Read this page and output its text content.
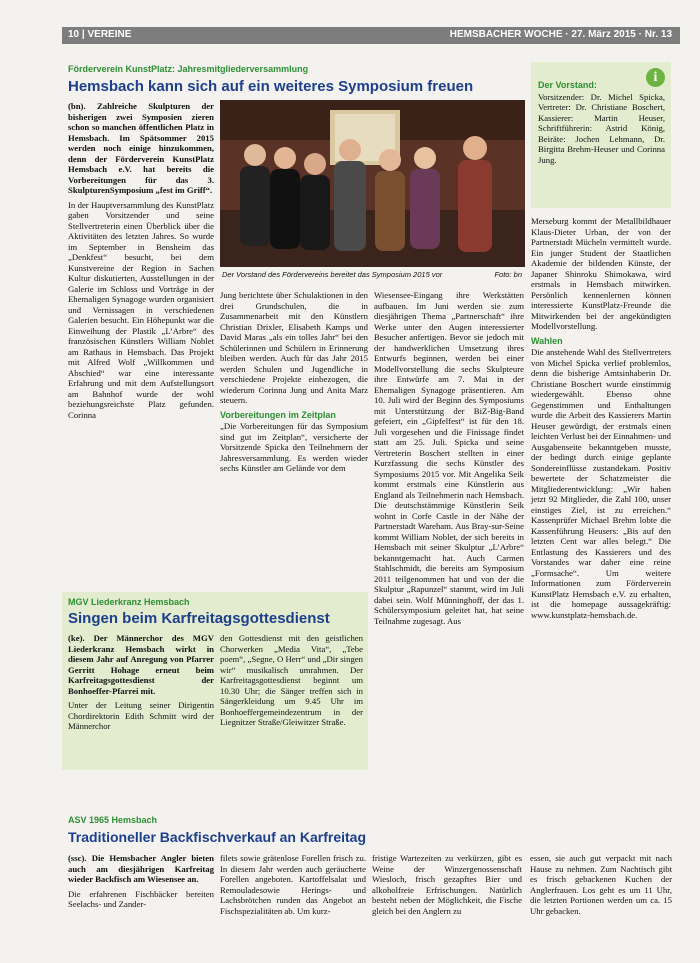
10 | VEREINE	HEMSBACHER WOCHE · 27. März 2015 · Nr. 13
Förderverein KunstPlatz: Jahresmitgliederversammlung
Hemsbach kann sich auf ein weiteres Symposium freuen

(bn). Zahlreiche Skulpturen der bisherigen zwei Symposien zieren schon so manchen öffentlichen Platz in Hemsbach. Im Spätsommer 2015 werden noch einige hinzukommen, denn der Förderverein KunstPlatz Hemsbach e.V. hat bereits die Vorbereitungen für das 3. SkulpturenSymposium „fest im Griff“.

In der Hauptversammlung des KunstPlatz gaben Vorsitzender und seine Stellvertreterin einen Überblick über die Aktivitäten des letzten Jahres. So wurde im September in Bensheim das „Denkfest“ besucht, bei dem Kunstvereine der Region in Sachen Kultur diskutierten, Ausstellungen in der Galerie im Schloss und Vorträge in der Ehemaligen Synagoge wurden organisiert und Vernissagen in verschiedenen Galerien besucht. Ein Höhepunkt war die Einweihung der Plastik „L’Arbre“ des französischen Künstlers William Noblet am Rathaus in Hemsbach. Das Projekt mit Alfred Wolf „Willkommen und Abschied“ war eine interessante Erfahrung und mit dem Aufstellungsort am Bahnhof wurde der wohl beziehungsreichste Platz gefunden. Corinna

Der Vorstand des Fördervereins bereitet das Symposium 2015 vor	Foto: bn

Jung berichtete über Schulaktionen in den drei Grundschulen, die in Zusammenarbeit mit den Künstlern Christian Drixler, Elisabeth Kamps und David Maras „als ein tolles Jahr“ bei den Schülerinnen und Schülern in Erinnerung bleiben werden. Auch für das Jahr 2015 werden Schulen und Jugendliche in verschiedene Projekte einbezogen, die wiederum Corinna Jung und Anita Marz steuern.

Vorbereitungen im Zeitplan

„Die Vorbereitungen für das Symposium sind gut im Zeitplan“, versicherte der Vorsitzende Spicka den Teilnehmern der Jahresversammlung. Es werden wieder sechs Künstler am Gelände vor dem

Wiesensee-Eingang ihre Werkstätten aufbauen. Im Juni werden sie zum diesjährigen Thema „Partnerschaft“ ihre Werke unter den Augen interessierter Besucher anfertigen. Bevor sie jedoch mit der handwerklichen Umsetzung ihres Entwurfs beginnen, werden bei einer Modellvorstellung die sechs Skulpteure ihre Entwürfe am 7. Mai in der Ehemaligen Synagoge präsentieren. Am 10. Juli wird der Beginn des Symposiums mit Unterstützung der BiZ-Big-Band gefeiert, ein „Gipfelfest“ ist für den 18. Juli vorgesehen und die Finissage findet statt am 25. Juli. Spicka und seine Vertreterin Boschert stellten in einer Kurzfassung die sechs Künstler des Symposiums 2015 vor. Mit Angelika Seik kommt erstmals eine Künstlerin aus England als Teilnehmerin nach Hemsbach. Die deutschstämmige Künstlerin Seik wohnt in Corfe Castle in der Nähe der Partnerstadt Wareham. Aus Bray-sur-Seine kommt William Noblet, der sich bereits in Hemsbach mit seiner Skulptur „L’Arbre“ bekanntgemacht hat. Auch Carmen Stahlschmidt, die bereits am Symposium 2011 teilgenommen hat und von der die Skulptur „Rapunzel“ stammt, wird im Juli dabei sein. Wolf Münninghoff, der das 1. Schülersymposium geleitet hat, hat seine Teilnahme zugesagt. Aus

i
Der Vorstand:

Vorsitzender: Dr. Michel Spicka, Vertreter: Dr. Christiane Boschert, Kassierer: Martin Heuser, Schriftführerin: Astrid König, Beiräte: Jochen Lehmann, Dr. Birgitta Brehm-Heuser und Corinna Jung.

Merseburg kommt der Metallbildhauer Klaus-Dieter Urban, der von der Partnerstadt Mücheln vermittelt wurde. Ein junger Student der Staatlichen Akademie der bildenden Künste, der Japaner Shinroku Shimokawa, wird erstmals in Hemsbach mitwirken. Persönlich kennenlernen können interessierte KunstPlatz-Freunde die Mitwirkenden bei der angekündigten Modellvorstellung.

Wahlen

Die anstehende Wahl des Stellvertreters von Michel Spicka verlief problemlos, denn die bisherige Amtsinhaberin Dr. Christiane Boschert wurde einstimmig wiedergewählt. Ebenso ohne Gegenstimmen und Enthaltungen wurde die Arbeit des Kassierers Martin Heuser gewürdigt, der erstmals einen leichten Verlust bei der Einnahmen- und Ausgabenseite bekanntgeben musste, der bedingt durch einige geplante Sondereinflüsse zustandekam. Positiv bewertete der Schatzmeister die Mitgliederentwicklung: „Wir haben jetzt 92 Mitglieder, die Zahl 100, unser einstiges Ziel, ist zu erreichen.“ Kassenprüfer Michael Brehm lobte die Kassenführung Heusers: „Bis auf den letzten Cent war alles belegt.“ Die Entlastung des Kassierers und des Vorstandes war daher eine reine „Formsache“. Um weitere Informationen zum Förderverein KunstPlatz Hemsbach e.V. zu erhalten, ist die homepage aussagekräftig: www.kunstplatz-hemsbach.de.

MGV Liederkranz Hemsbach
Singen beim Karfreitagsgottesdienst

(ke). Der Männerchor des MGV Liederkranz Hemsbach wirkt in diesem Jahr auf Anregung von Pfarrer Gerritt Hohage erneut beim Karfreitagsgottesdienst der Bonhoeffer-Pfarrei mit.

Unter der Leitung seiner Dirigentin Chordirektorin Edith Schmitt wird der Männerchor

den Gottesdienst mit den geistlichen Chorwerken „Media Vita“, „Tebe poem“, „Segne, O Herr“ und „Dir singen wir“ musikalisch umrahmen. Der Karfreitagsgottesdienst beginnt um 10.30 Uhr; die Sänger treffen sich in Sängerkleidung um 9.45 Uhr im Bonhoeffergemeindezentrum in der Liegnitzer Straße/Gleiwitzer Straße.

ASV 1965 Hemsbach
Traditioneller Backfischverkauf an Karfreitag

(ssc). Die Hemsbacher Angler bieten auch am diesjährigen Karfreitag wieder Backfisch am Wiesensee an.

Die erfahrenen Fischbäcker bereiten Seelachs- und Zander-

filets sowie grätenlose Forellen frisch zu. In diesem Jahr werden auch geräucherte Forellen angeboten. Kartoffelsalat und Remouladesowie Herings- und Lachsbrötchen runden das Angebot an Fischspezialitäten ab. Um kurz-

fristige Wartezeiten zu verkürzen, gibt es Weine der Winzergenossenschaft Wiesloch, frisch gezapftes Bier und alkoholfreie Erfrischungen. Natürlich besteht neben der Möglichkeit, die Fische gleich bei den Anglern zu

essen, sie auch gut verpackt mit nach Hause zu nehmen. Zum Nachtisch gibt es frisch gebackenen Kuchen der Anglerfrauen. Los geht es um 11 Uhr, die letzten Portionen werden um ca. 15 Uhr gebacken.
